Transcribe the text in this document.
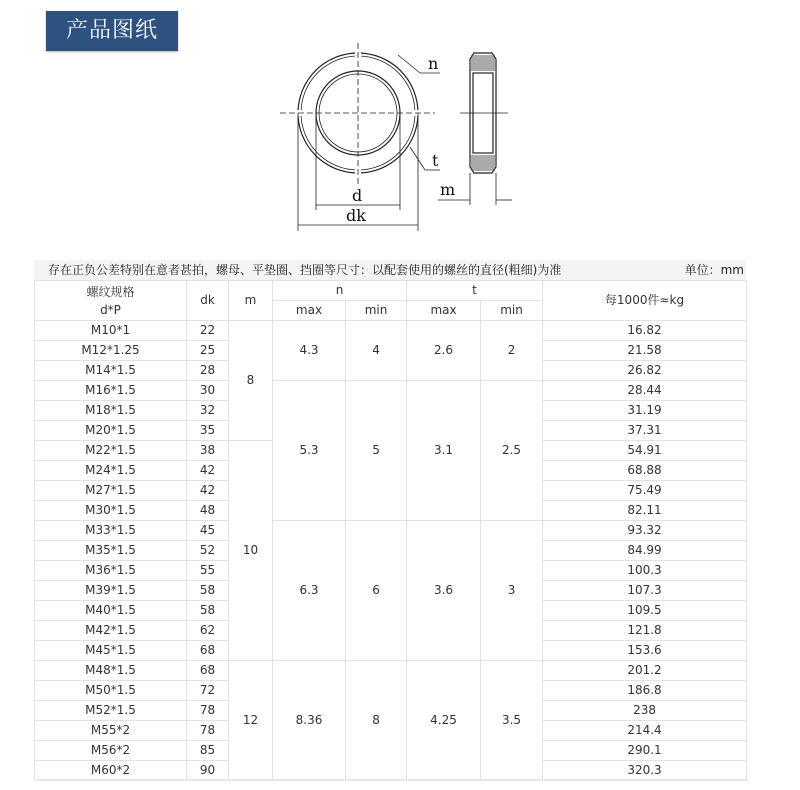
产品图纸
n
t
d
dk
m
存在正负公差特别在意者甚拍，螺母、平垫圈、挡圈等尺寸：以配套使用的螺丝的直径(粗细)为准	单位：mm
螺纹规格
d*P	dk	m	n		t		每1000件≈kg
			max	min	max	min	
M10*1	22	8	4.3	4	2.6	2	16.82
M12*1.25	25						21.58
M14*1.5	28						26.82
M16*1.5	30		5.3	5	3.1	2.5	28.44
M18*1.5	32						31.19
M20*1.5	35						37.31
M22*1.5	38	10					54.91
M24*1.5	42						68.88
M27*1.5	42						75.49
M30*1.5	48						82.11
M33*1.5	45		6.3	6	3.6	3	93.32
M35*1.5	52						84.99
M36*1.5	55						100.3
M39*1.5	58						107.3
M40*1.5	58						109.5
M42*1.5	62						121.8
M45*1.5	68						153.6
M48*1.5	68	12	8.36	8	4.25	3.5	201.2
M50*1.5	72						186.8
M52*1.5	78						238
M55*2	78						214.4
M56*2	85						290.1
M60*2	90						320.3
